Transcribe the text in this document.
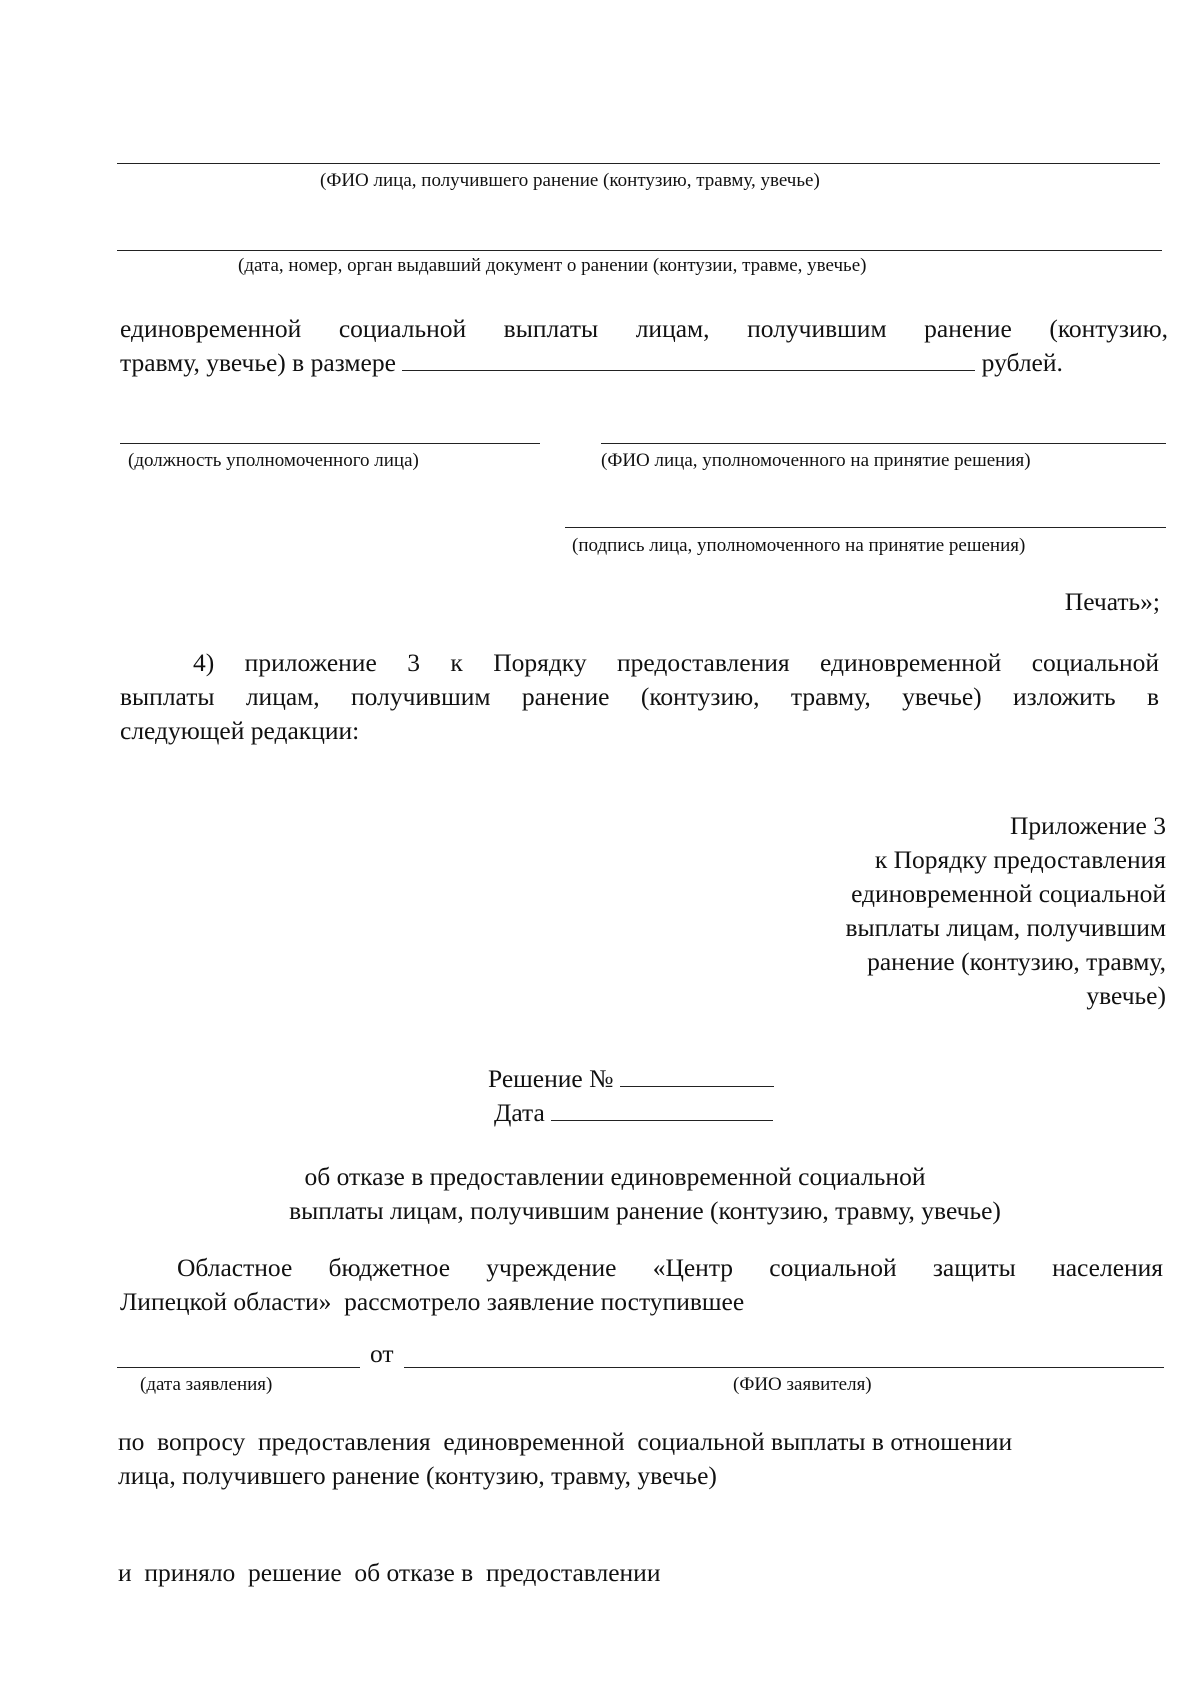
(ФИО лица, получившего ранение (контузию, травму, увечье)
(дата, номер, орган выдавший документ о ранении (контузии, травме, увечье)
единовременной социальной выплаты лицам, получившим ранение (контузию,
травму, увечье) в размере	рублей.
(должность уполномоченного лица)	(ФИО лица, уполномоченного на принятие решения)
(подпись лица, уполномоченного на принятие решения)
Печать»;
4) приложение 3 к Порядку предоставления единовременной социальной
выплаты лицам, получившим ранение (контузию, травму, увечье) изложить в
следующей редакции:
Приложение 3
к Порядку предоставления
единовременной социальной
выплаты лицам, получившим
ранение (контузию, травму,
увечье)
Решение №
Дата
об отказе в предоставлении единовременной социальной
выплаты лицам, получившим ранение (контузию, травму, увечье)
Областное бюджетное учреждение «Центр социальной защиты населения
Липецкой области»  рассмотрело заявление поступившее
от
(дата заявления)	(ФИО заявителя)
по  вопросу  предоставления  единовременной  социальной выплаты в отношении
лица, получившего ранение (контузию, травму, увечье)
и  приняло  решение  об отказе в  предоставлении
